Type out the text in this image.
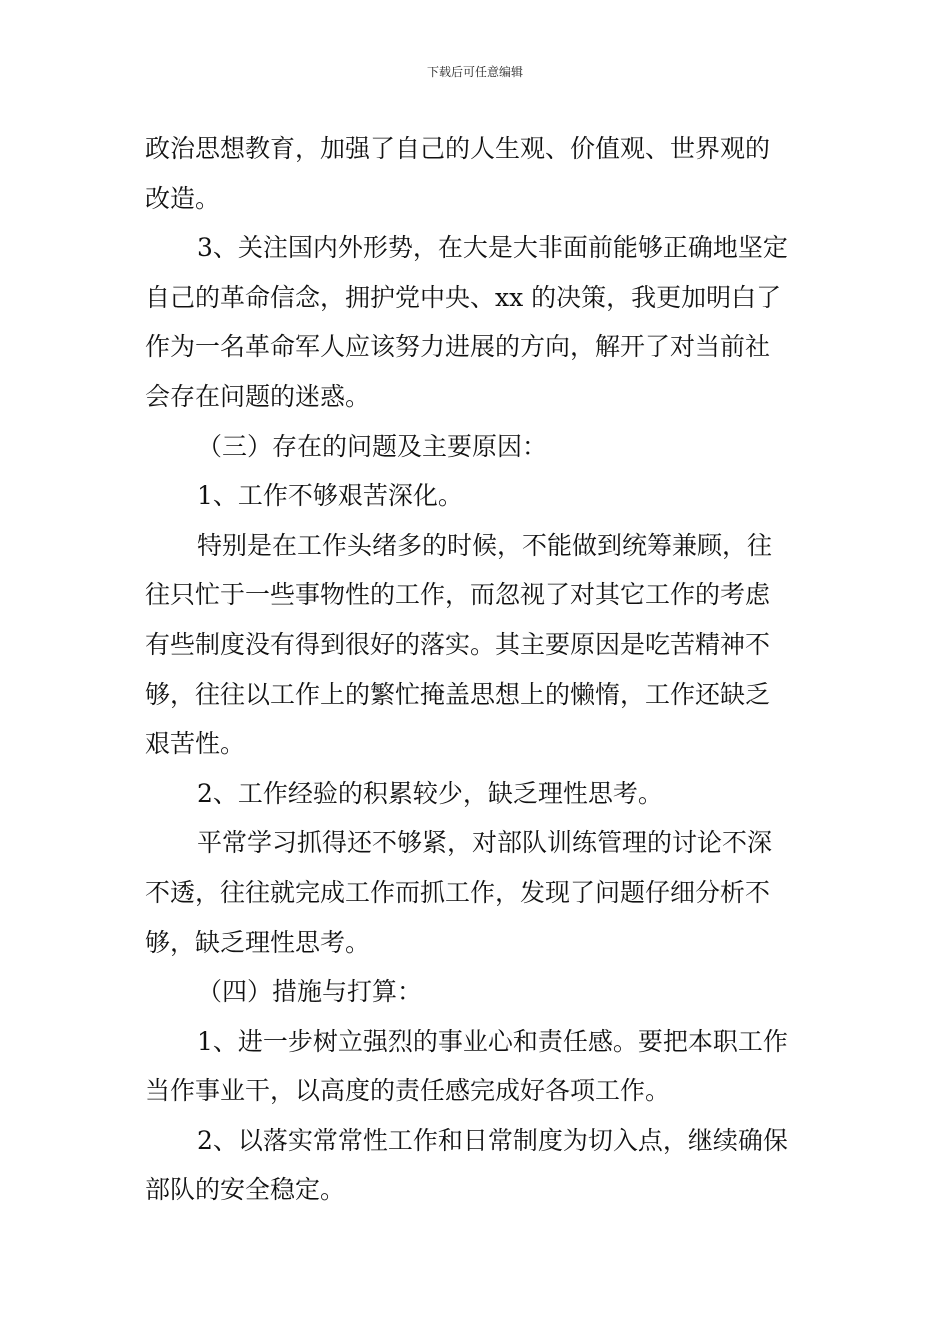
下载后可任意编辑
政治思想教育，加强了自己的人生观、价值观、世界观的
改造。
3、关注国内外形势，在大是大非面前能够正确地坚定
自己的革命信念，拥护党中央、xx 的决策，我更加明白了
作为一名革命军人应该努力进展的方向，解开了对当前社
会存在问题的迷惑。
（三）存在的问题及主要原因：
1、工作不够艰苦深化。
特别是在工作头绪多的时候，不能做到统筹兼顾，往
往只忙于一些事物性的工作，而忽视了对其它工作的考虑
有些制度没有得到很好的落实。其主要原因是吃苦精神不
够，往往以工作上的繁忙掩盖思想上的懒惰，工作还缺乏
艰苦性。
2、工作经验的积累较少，缺乏理性思考。
平常学习抓得还不够紧，对部队训练管理的讨论不深
不透，往往就完成工作而抓工作，发现了问题仔细分析不
够，缺乏理性思考。
（四）措施与打算：
1、进一步树立强烈的事业心和责任感。要把本职工作
当作事业干，以高度的责任感完成好各项工作。
2、以落实常常性工作和日常制度为切入点，继续确保
部队的安全稳定。
